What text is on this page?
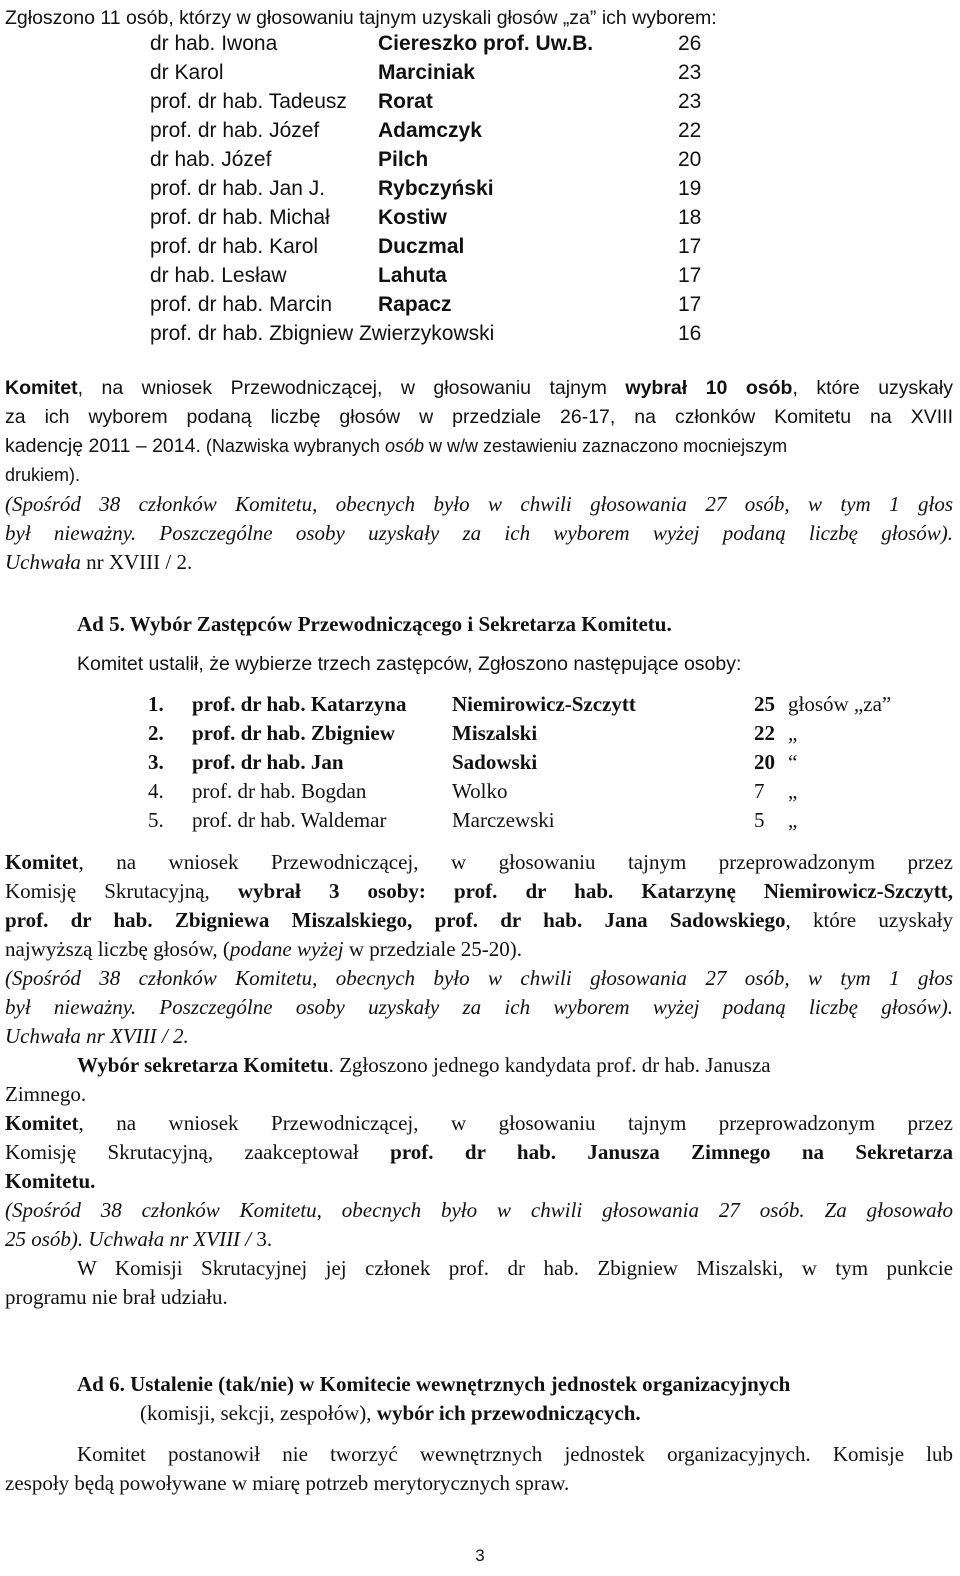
Zgłoszono 11 osób, którzy w głosowaniu tajnym uzyskali głosów „za” ich wyborem:
dr hab. Iwona	Ciereszko prof. Uw.B.	26
dr Karol	Marciniak	23
prof. dr hab. Tadeusz Rorat	23
prof. dr hab. Józef	Adamczyk	22
dr hab. Józef	Pilch	20
prof. dr hab. Jan J.	Rybczyński	19
prof. dr hab. Michał Kostiw	18
prof. dr hab. Karol	Duczmal	17
dr hab. Lesław	Lahuta	17
prof. dr hab. Marcin Rapacz	17
prof. dr hab. Zbigniew Zwierzykowski	16
Komitet, na wniosek Przewodniczącej, w głosowaniu tajnym wybrał 10 osób, które uzyskały
za ich wyborem podaną liczbę głosów w przedziale 26-17, na członków Komitetu na XVIII
kadencję 2011 – 2014. (Nazwiska wybranych osób w w/w zestawieniu zaznaczono mocniejszym
drukiem).
(Spośród 38 członków Komitetu, obecnych było w chwili głosowania 27 osób, w tym 1 głos
był nieważny. Poszczególne osoby uzyskały za ich wyborem wyżej podaną liczbę głosów).
Uchwała nr XVIII / 2.
Ad 5. Wybór Zastępców Przewodniczącego i Sekretarza Komitetu.
Komitet ustalił, że wybierze trzech zastępców, Zgłoszono następujące osoby:
1. prof. dr hab. Katarzyna Niemirowicz-Szczytt	25 głosów „za”
2. prof. dr hab. Zbigniew	Miszalski	22 „
3. prof. dr hab. Jan	Sadowski	20 “
4. prof. dr hab. Bogdan	Wolko	7 „
5. prof. dr hab. Waldemar	Marczewski	5 „
Komitet, na wniosek Przewodniczącej, w głosowaniu tajnym przeprowadzonym przez
Komisję Skrutacyjną, wybrał 3 osoby: prof. dr hab. Katarzynę Niemirowicz-Szczytt,
prof. dr hab. Zbigniewa Miszalskiego, prof. dr hab. Jana Sadowskiego, które uzyskały
najwyższą liczbę głosów, (podane wyżej w przedziale 25-20).
(Spośród 38 członków Komitetu, obecnych było w chwili głosowania 27 osób, w tym 1 głos
był nieważny. Poszczególne osoby uzyskały za ich wyborem wyżej podaną liczbę głosów).
Uchwała nr XVIII / 2.
Wybór sekretarza Komitetu. Zgłoszono jednego kandydata prof. dr hab. Janusza
Zimnego.
Komitet, na wniosek Przewodniczącej, w głosowaniu tajnym przeprowadzonym przez
Komisję Skrutacyjną, zaakceptował prof. dr hab. Janusza Zimnego na Sekretarza
Komitetu.
(Spośród 38 członków Komitetu, obecnych było w chwili głosowania 27 osób. Za głosowało
25 osób). Uchwała nr XVIII / 3.
W Komisji Skrutacyjnej jej członek prof. dr hab. Zbigniew Miszalski, w tym punkcie
programu nie brał udziału.
Ad 6. Ustalenie (tak/nie) w Komitecie wewnętrznych jednostek organizacyjnych
(komisji, sekcji, zespołów), wybór ich przewodniczących.
Komitet postanowił nie tworzyć wewnętrznych jednostek organizacyjnych. Komisje lub
zespoły będą powoływane w miarę potrzeb merytorycznych spraw.
3
